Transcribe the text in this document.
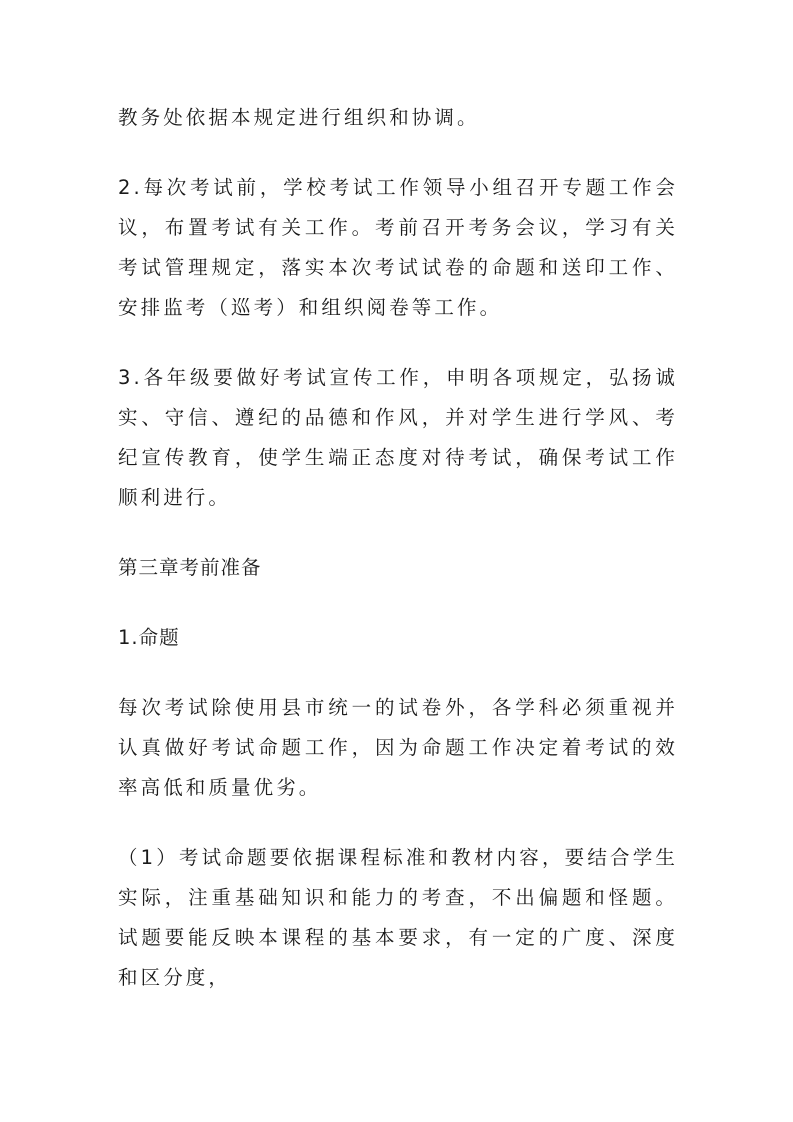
教务处依据本规定进行组织和协调。

2.每次考试前，学校考试工作领导小组召开专题工作会议，布置考试有关工作。考前召开考务会议，学习有关考试管理规定，落实本次考试试卷的命题和送印工作、安排监考（巡考）和组织阅卷等工作。

3.各年级要做好考试宣传工作，申明各项规定，弘扬诚实、守信、遵纪的品德和作风，并对学生进行学风、考纪宣传教育，使学生端正态度对待考试，确保考试工作顺利进行。

第三章考前准备

1.命题

每次考试除使用县市统一的试卷外，各学科必须重视并认真做好考试命题工作，因为命题工作决定着考试的效率高低和质量优劣。

（1）考试命题要依据课程标准和教材内容，要结合学生实际，注重基础知识和能力的考查，不出偏题和怪题。试题要能反映本课程的基本要求，有一定的广度、深度和区分度，
